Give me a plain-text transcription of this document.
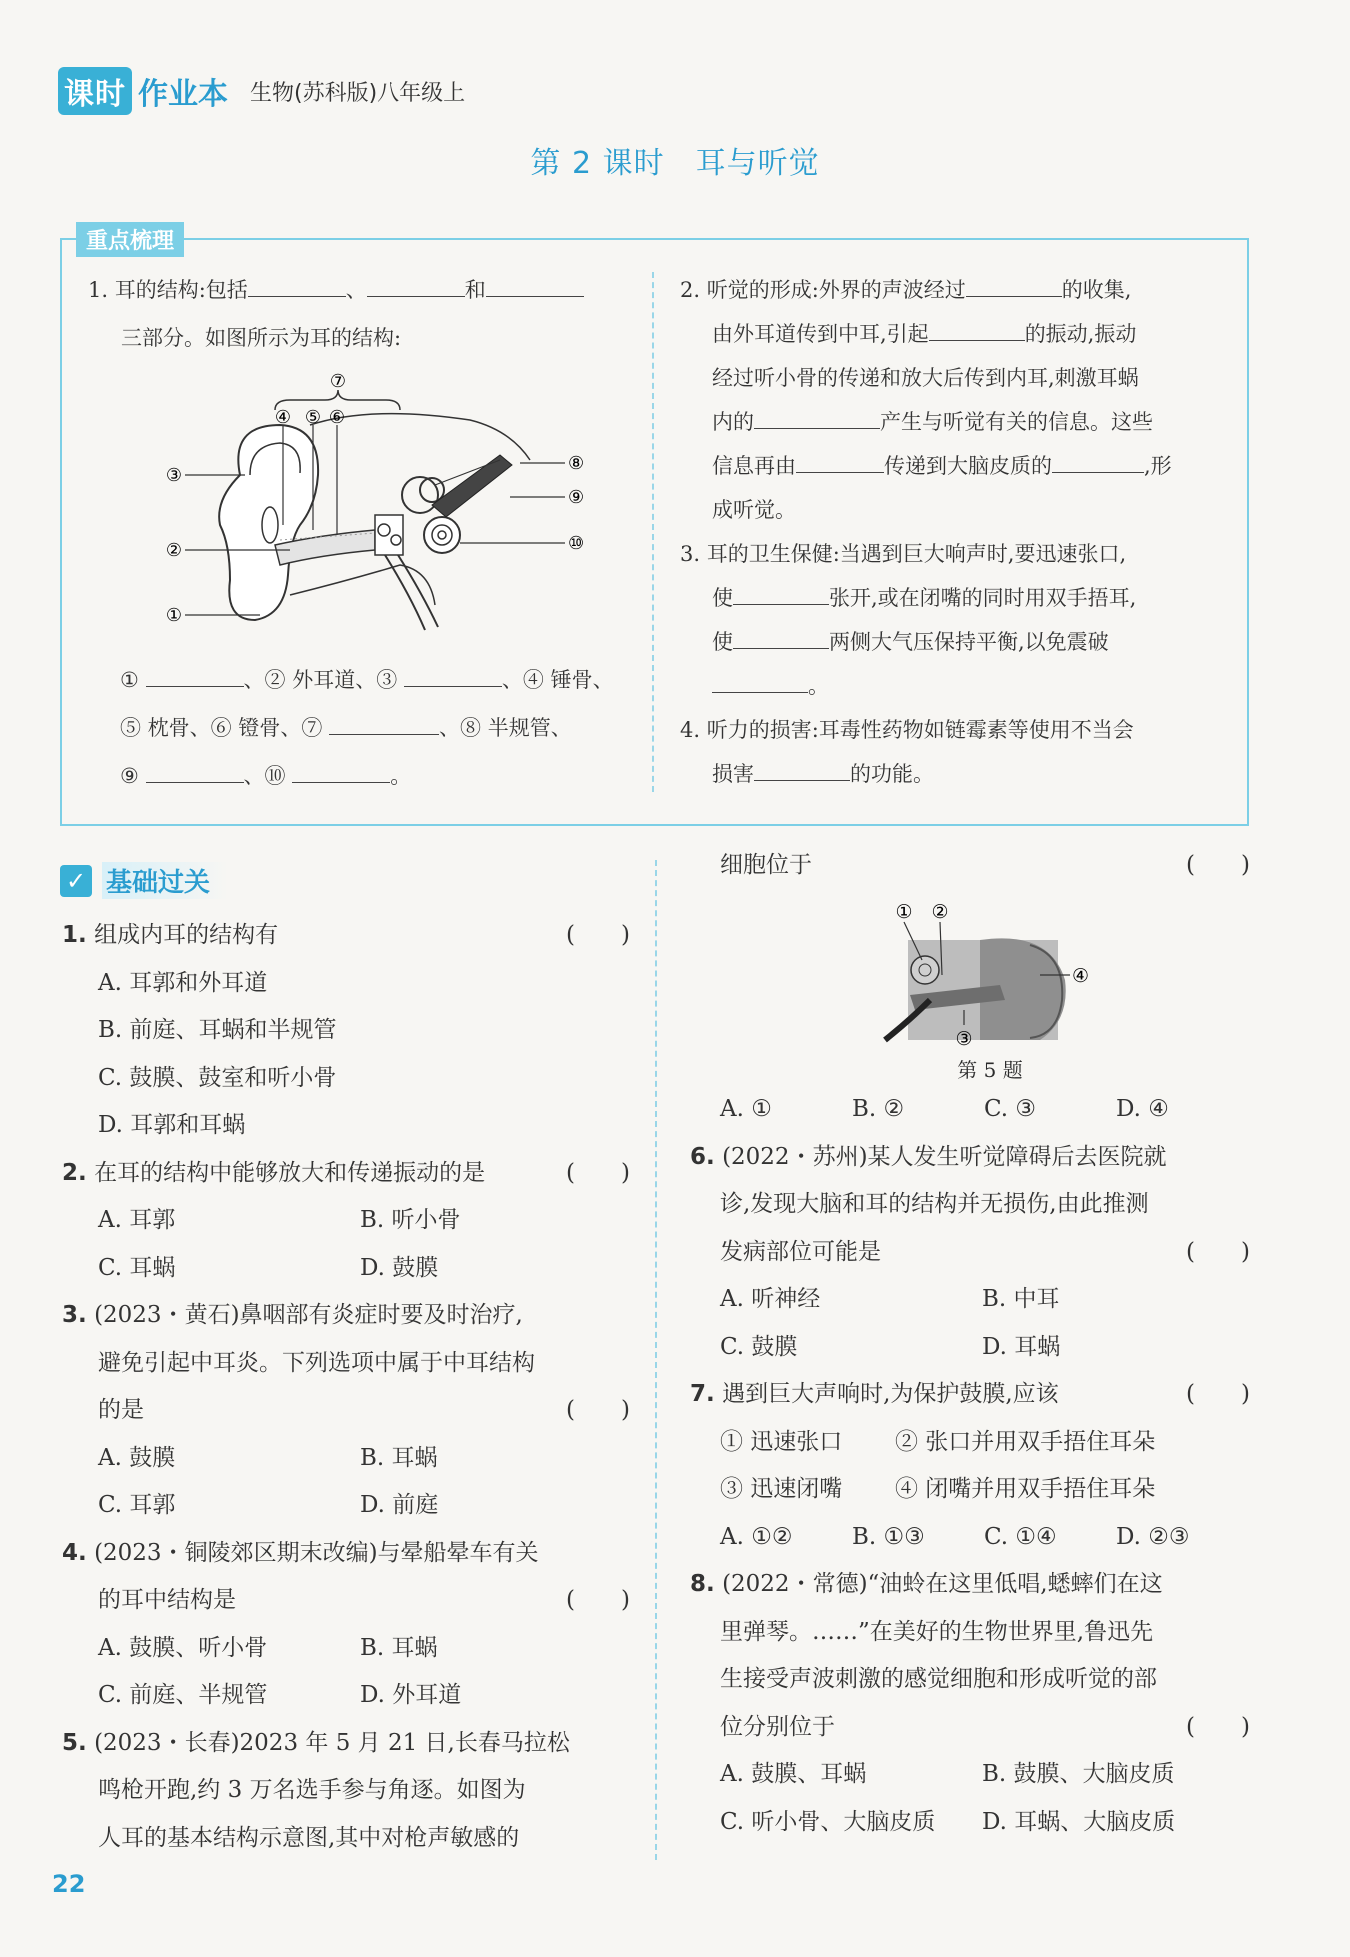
课时 作业本 生物(苏科版)八年级上
第 2 课时　耳与听觉
重点梳理

1. 耳的结构:包括	、	和

三部分。如图所示为耳的结构:

⑦
④ ⑤ ⑥
③
②
①
⑧
⑨
⑩

①	、② 外耳道、③	、④ 锤骨、

⑤ 枕骨、⑥ 镫骨、⑦	、⑧ 半规管、

⑨	、⑩	。

2. 听觉的形成:外界的声波经过	的收集,

由外耳道传到中耳,引起	的振动,振动

经过听小骨的传递和放大后传到内耳,刺激耳蜗

内的	产生与听觉有关的信息。这些

信息再由	传递到大脑皮质的	,形

成听觉。

3. 耳的卫生保健:当遇到巨大响声时,要迅速张口,

使	张开,或在闭嘴的同时用双手捂耳,

使	两侧大气压保持平衡,以免震破

。

4. 听力的损害:耳毒性药物如链霉素等使用不当会

损害	的功能。

✓ 基础过关

1. 组成内耳的结构有	(　　)

A. 耳郭和外耳道

B. 前庭、耳蜗和半规管

C. 鼓膜、鼓室和听小骨

D. 耳郭和耳蜗

2. 在耳的结构中能够放大和传递振动的是	(　　)

A. 耳郭	B. 听小骨

C. 耳蜗	D. 鼓膜

3. (2023・黄石)鼻咽部有炎症时要及时治疗,

避免引起中耳炎。下列选项中属于中耳结构

的是	(　　)

A. 鼓膜	B. 耳蜗

C. 耳郭	D. 前庭

4. (2023・铜陵郊区期末改编)与晕船晕车有关

的耳中结构是	(　　)

A. 鼓膜、听小骨	B. 耳蜗

C. 前庭、半规管	D. 外耳道

5. (2023・长春)2023 年 5 月 21 日,长春马拉松

鸣枪开跑,约 3 万名选手参与角逐。如图为

人耳的基本结构示意图,其中对枪声敏感的

细胞位于	(　　)

① ②
③
④
第 5 题

A. ①	B. ②	C. ③	D. ④

6. (2022・苏州)某人发生听觉障碍后去医院就

诊,发现大脑和耳的结构并无损伤,由此推测

发病部位可能是	(　　)

A. 听神经	B. 中耳

C. 鼓膜	D. 耳蜗

7. 遇到巨大声响时,为保护鼓膜,应该	(　　)

① 迅速张口 ② 张口并用双手捂住耳朵

③ 迅速闭嘴 ④ 闭嘴并用双手捂住耳朵

A. ①②	B. ①③	C. ①④	D. ②③

8. (2022・常德)“油蛉在这里低唱,蟋蟀们在这

里弹琴。……”在美好的生物世界里,鲁迅先

生接受声波刺激的感觉细胞和形成听觉的部

位分别位于	(　　)

A. 鼓膜、耳蜗	B. 鼓膜、大脑皮质

C. 听小骨、大脑皮质 D. 耳蜗、大脑皮质

22
